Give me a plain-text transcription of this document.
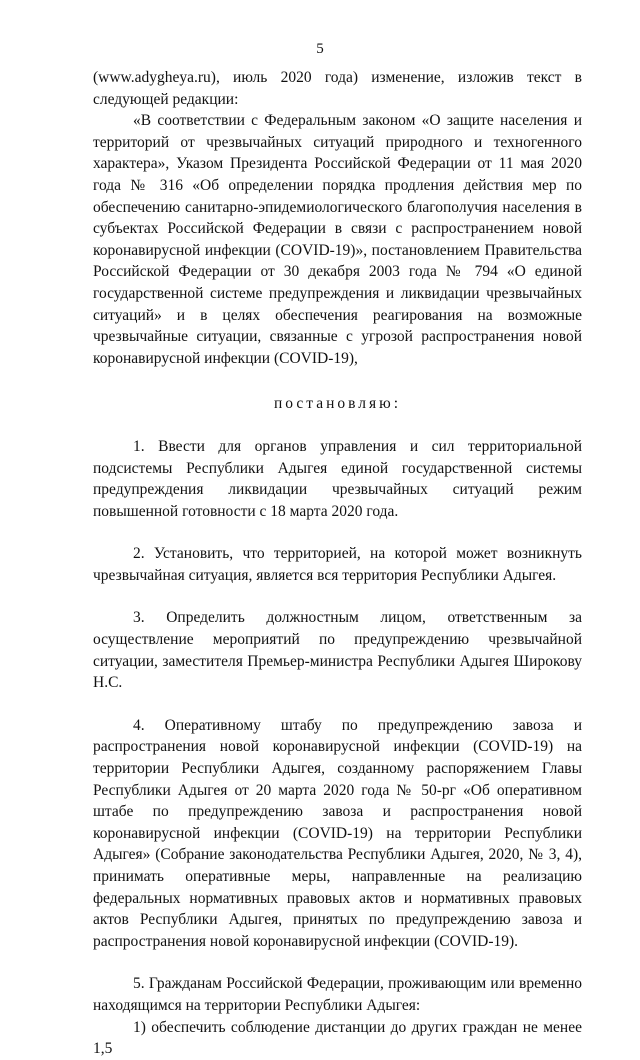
5

(www.adygheya.ru), июль 2020 года) изменение, изложив текст в следующей редакции:

«В соответствии с Федеральным законом «О защите населения и территорий от чрезвычайных ситуаций природного и техногенного характера», Указом Президента Российской Федерации от 11 мая 2020 года № 316 «Об определении порядка продления действия мер по обеспечению санитарно-эпидемиологического благополучия населения в субъектах Российской Федерации в связи с распространением новой коронавирусной инфекции (COVID-19)», постановлением Правительства Российской Федерации от 30 декабря 2003 года № 794 «О единой государственной системе предупреждения и ликвидации чрезвычайных ситуаций» и в целях обеспечения реагирования на возможные чрезвычайные ситуации, связанные с угрозой распространения новой коронавирусной инфекции (COVID-19),

постановляю:

1. Ввести для органов управления и сил территориальной подсистемы Республики Адыгея единой государственной системы предупреждения ликвидации чрезвычайных ситуаций режим повышенной готовности с 18 марта 2020 года.

2. Установить, что территорией, на которой может возникнуть чрезвычайная ситуация, является вся территория Республики Адыгея.

3. Определить должностным лицом, ответственным за осуществление мероприятий по предупреждению чрезвычайной ситуации, заместителя Премьер-министра Республики Адыгея Широкову Н.С.

4. Оперативному штабу по предупреждению завоза и распространения новой коронавирусной инфекции (COVID-19) на территории Республики Адыгея, созданному распоряжением Главы Республики Адыгея от 20 марта 2020 года № 50-рг «Об оперативном штабе по предупреждению завоза и распространения новой коронавирусной инфекции (COVID-19) на территории Республики Адыгея» (Собрание законодательства Республики Адыгея, 2020, № 3, 4), принимать оперативные меры, направленные на реализацию федеральных нормативных правовых актов и нормативных правовых актов Республики Адыгея, принятых по предупреждению завоза и распространения новой коронавирусной инфекции (COVID-19).

5. Гражданам Российской Федерации, проживающим или временно находящимся на территории Республики Адыгея:

1) обеспечить соблюдение дистанции до других граждан не менее 1,5
